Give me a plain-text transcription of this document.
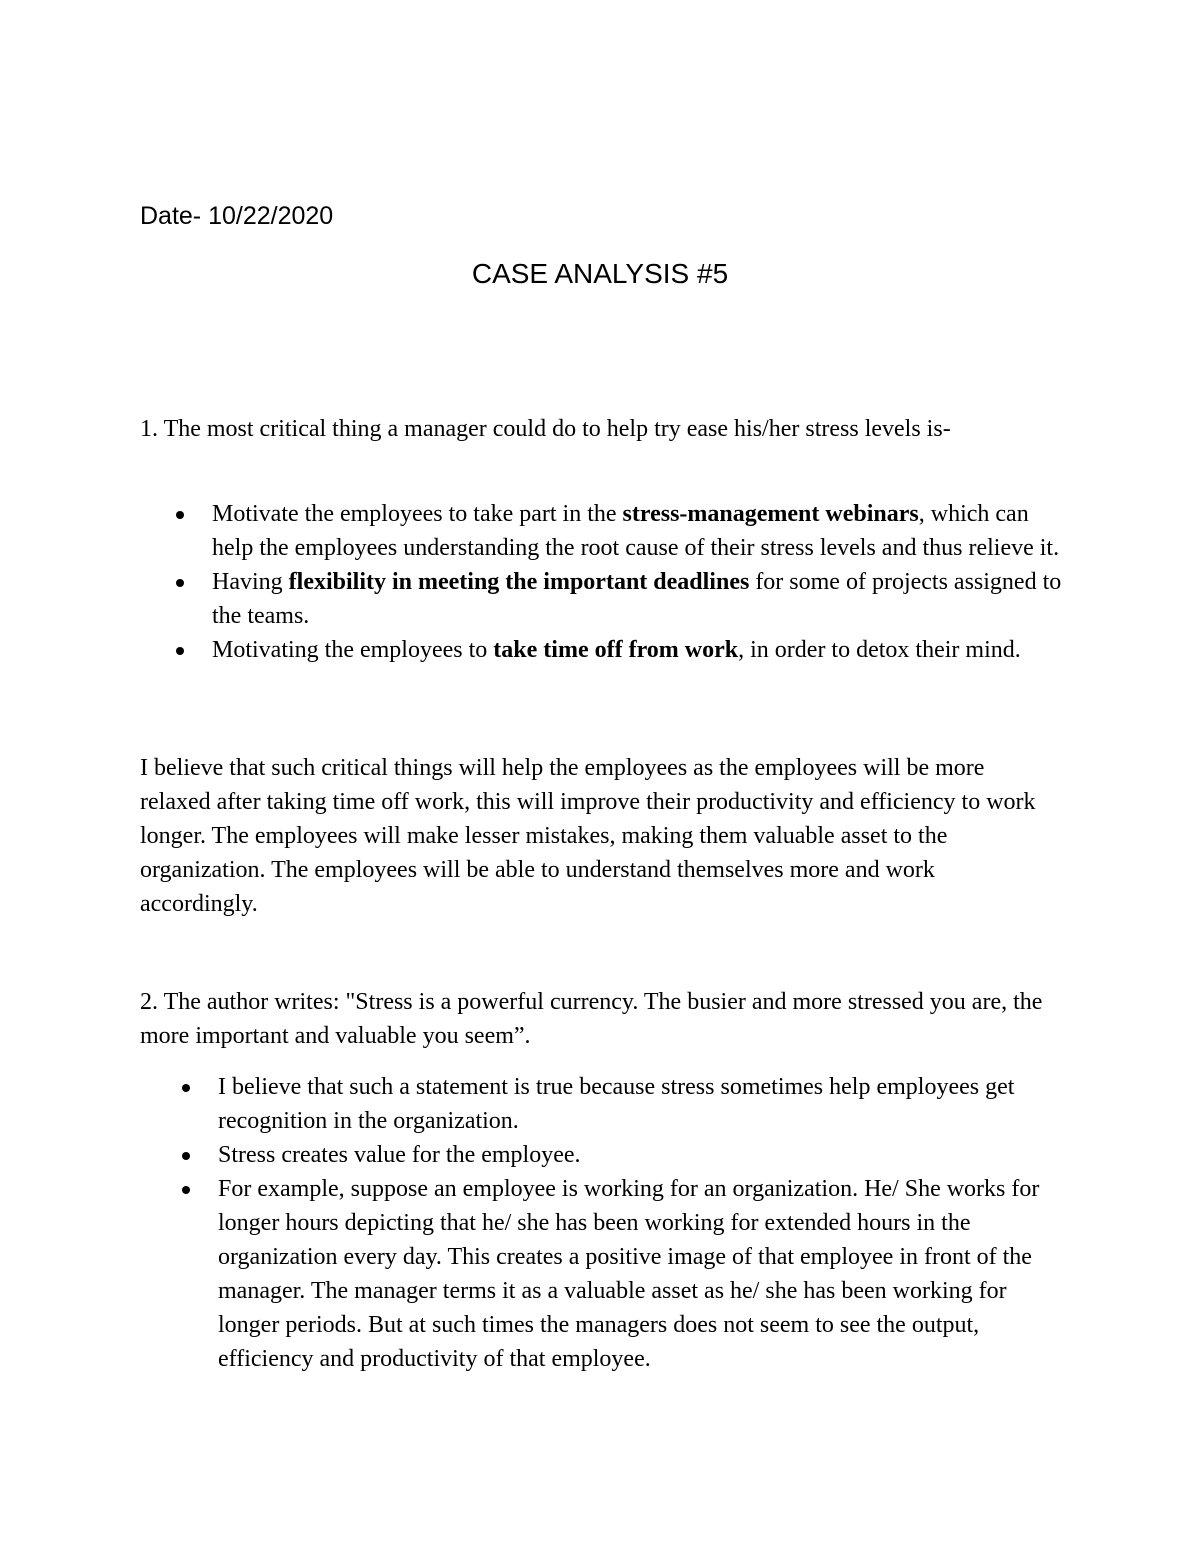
Date- 10/22/2020
CASE ANALYSIS #5

1. The most critical thing a manager could do to help try ease his/her stress levels is-

Motivate the employees to take part in the stress-management webinars, which can help the employees understanding the root cause of their stress levels and thus relieve it.
Having flexibility in meeting the important deadlines for some of projects assigned to the teams.
Motivating the employees to take time off from work, in order to detox their mind.

I believe that such critical things will help the employees as the employees will be more relaxed after taking time off work, this will improve their productivity and efficiency to work longer. The employees will make lesser mistakes, making them valuable asset to the organization. The employees will be able to understand themselves more and work accordingly.

2. The author writes: "Stress is a powerful currency. The busier and more stressed you are, the more important and valuable you seem”.

I believe that such a statement is true because stress sometimes help employees get recognition in the organization.
Stress creates value for the employee.
For example, suppose an employee is working for an organization. He/ She works for longer hours depicting that he/ she has been working for extended hours in the organization every day. This creates a positive image of that employee in front of the manager. The manager terms it as a valuable asset as he/ she has been working for longer periods. But at such times the managers does not seem to see the output, efficiency and productivity of that employee.
